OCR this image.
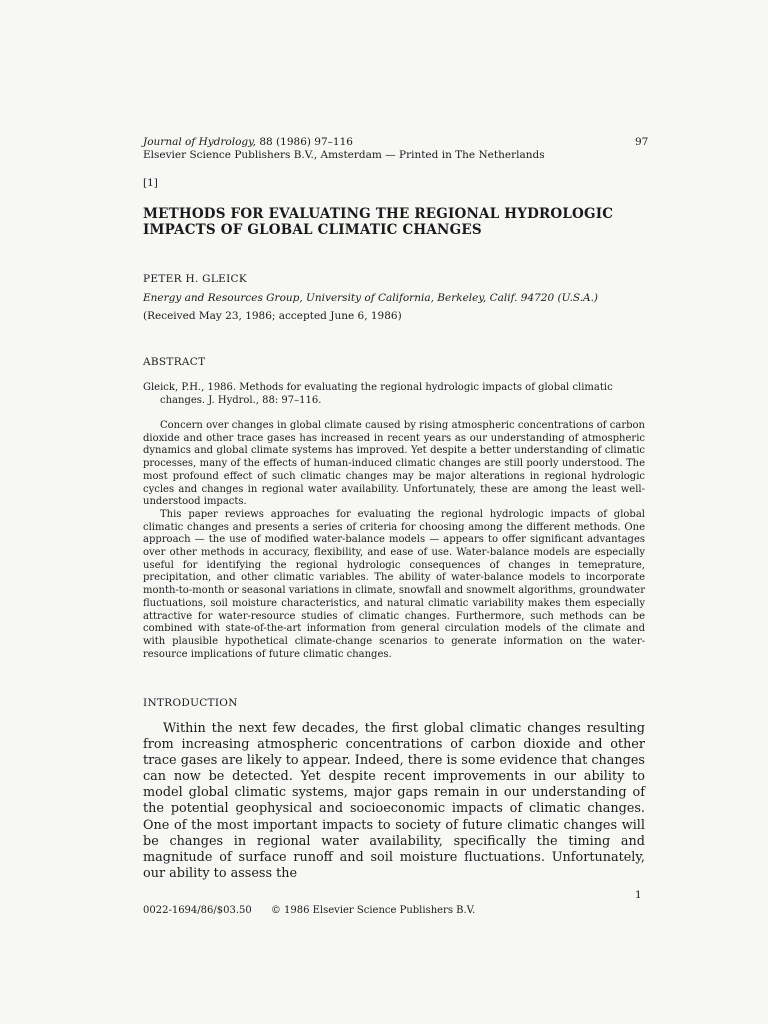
Journal of Hydrology, 88 (1986) 97–116	97
Elsevier Science Publishers B.V., Amsterdam — Printed in The Netherlands
[1]
METHODS FOR EVALUATING THE REGIONAL HYDROLOGIC IMPACTS OF GLOBAL CLIMATIC CHANGES
PETER H. GLEICK
Energy and Resources Group, University of California, Berkeley, Calif. 94720 (U.S.A.)
(Received May 23, 1986; accepted June 6, 1986)
ABSTRACT
Gleick, P.H., 1986. Methods for evaluating the regional hydrologic impacts of global climatic
changes. J. Hydrol., 88: 97–116.

Concern over changes in global climate caused by rising atmospheric concentrations of carbon dioxide and other trace gases has increased in recent years as our understanding of atmospheric dynamics and global climate systems has improved. Yet despite a better understanding of climatic processes, many of the effects of human-induced climatic changes are still poorly understood. The most profound effect of such climatic changes may be major alterations in regional hydrologic cycles and changes in regional water availability. Unfortunately, these are among the least well-understood impacts.

This paper reviews approaches for evaluating the regional hydrologic impacts of global climatic changes and presents a series of criteria for choosing among the different methods. One approach — the use of modified water-balance models — appears to offer significant advantages over other methods in accuracy, flexibility, and ease of use. Water-balance models are especially useful for identifying the regional hydrologic consequences of changes in temeprature, precipitation, and other climatic variables. The ability of water-balance models to incorporate month-to-month or seasonal variations in climate, snowfall and snowmelt algorithms, groundwater fluctuations, soil moisture characteristics, and natural climatic variability makes them especially attractive for water-resource studies of climatic changes. Furthermore, such methods can be combined with state-of-the-art information from general circulation models of the climate and with plausible hypothetical climate-change scenarios to generate information on the water-resource implications of future climatic changes.

INTRODUCTION

Within the next few decades, the first global climatic changes resulting from increasing atmospheric concentrations of carbon dioxide and other trace gases are likely to appear. Indeed, there is some evidence that changes can now be detected. Yet despite recent improvements in our ability to model global climatic systems, major gaps remain in our understanding of the potential geophysical and socioeconomic impacts of climatic changes. One of the most important impacts to society of future climatic changes will be changes in regional water availability, specifically the timing and magnitude of surface runoff and soil moisture fluctuations. Unfortunately, our ability to assess the

1
0022-1694/86/$03.50 © 1986 Elsevier Science Publishers B.V.
